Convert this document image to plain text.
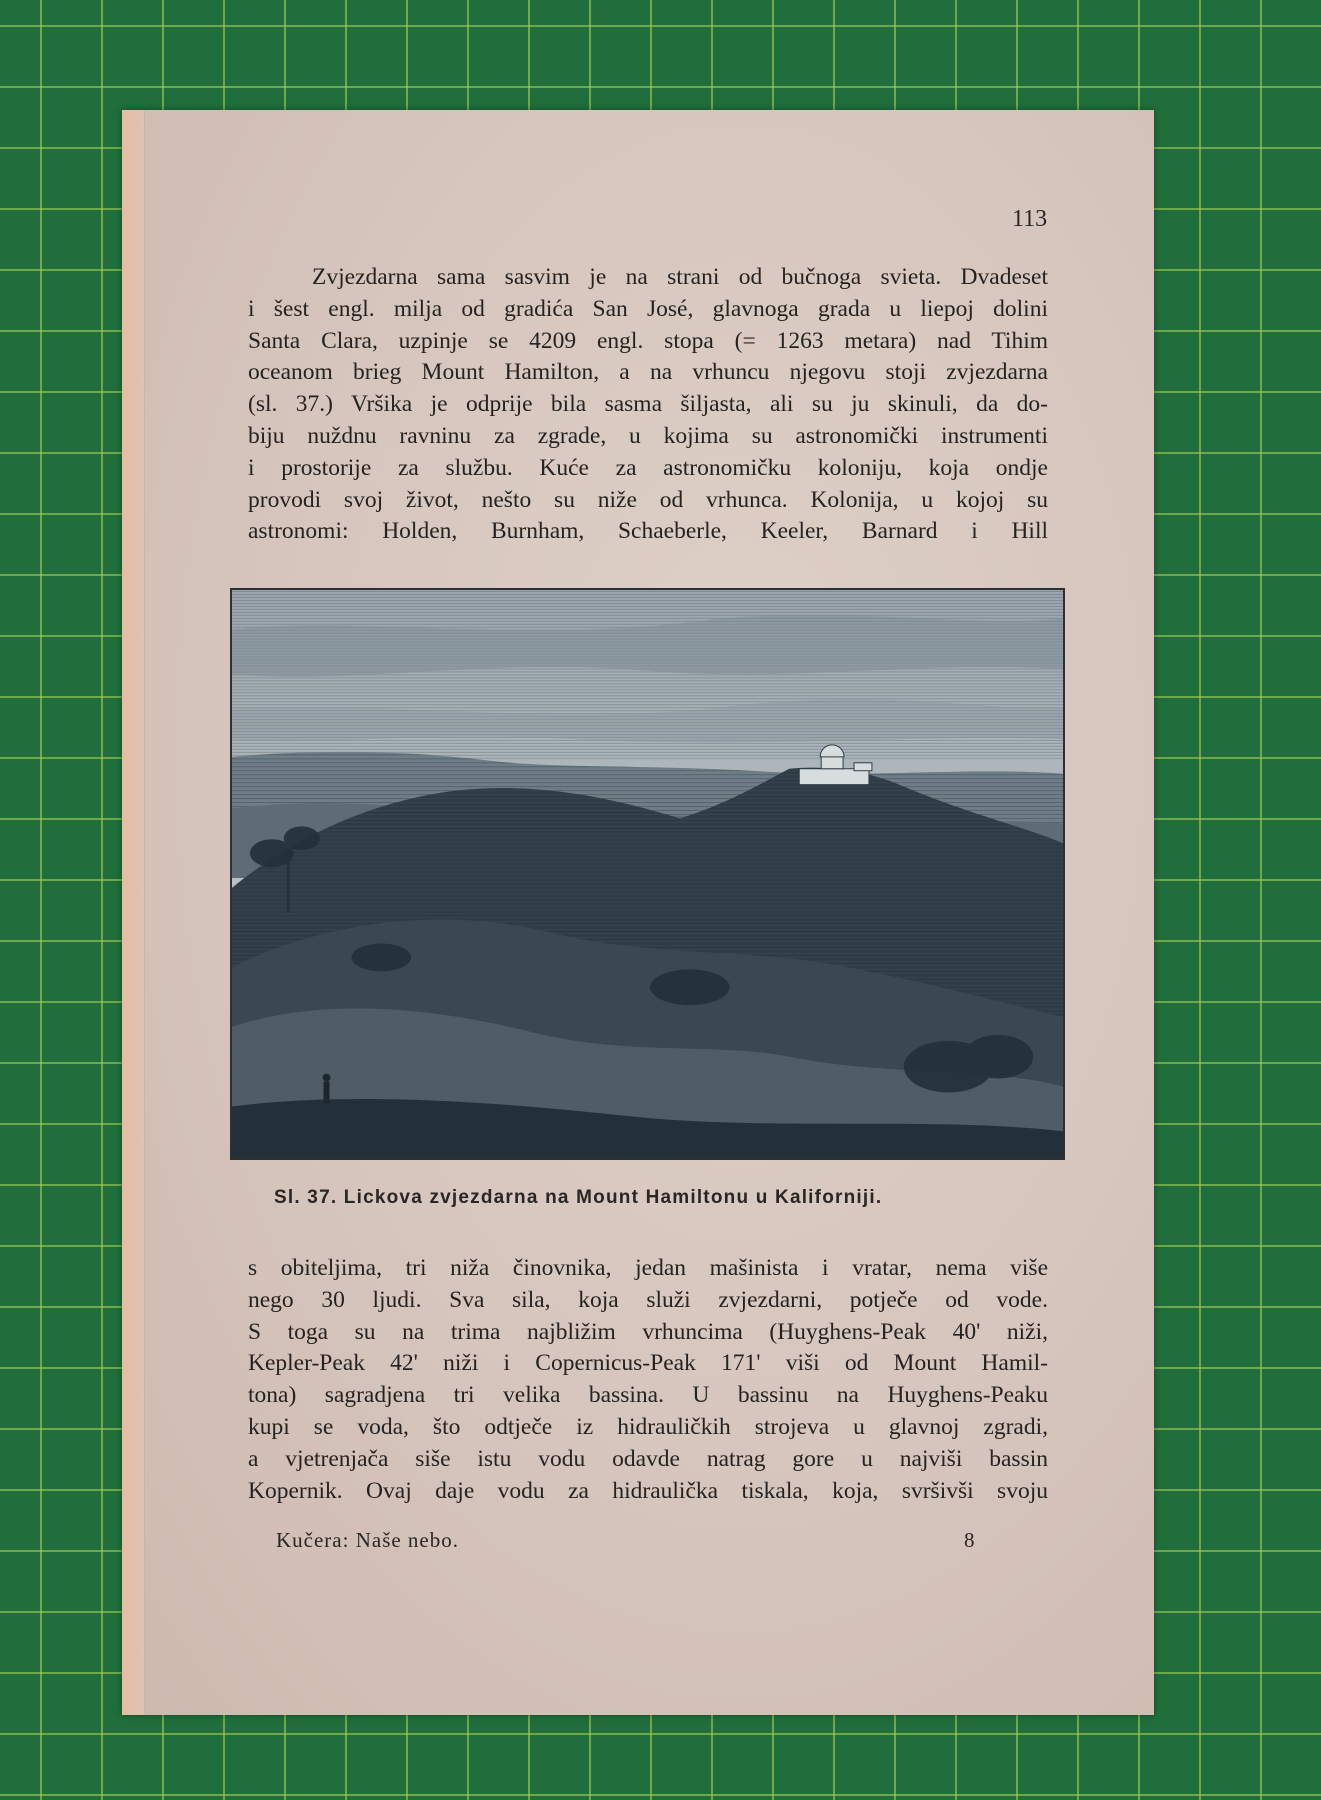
113
Zvjezdarna sama sasvim je na strani od bučnoga svieta. Dvadeset
i šest engl. milja od gradića San José, glavnoga grada u liepoj dolini
Santa Clara, uzpinje se 4209 engl. stopa (= 1263 metara) nad Tihim
oceanom brieg Mount Hamilton, a na vrhuncu njegovu stoji zvjezdarna
(sl. 37.) Vršika je odprije bila sasma šiljasta, ali su ju skinuli, da do-
biju nuždnu ravninu za zgrade, u kojima su astronomički instrumenti
i prostorije za službu. Kuće za astronomičku koloniju, koja ondje
provodi svoj život, nešto su niže od vrhunca. Kolonija, u kojoj su
astronomi: Holden, Burnham, Schaeberle, Keeler, Barnard i Hill
Sl. 37. Lickova zvjezdarna na Mount Hamiltonu u Kaliforniji.
s obiteljima, tri niža činovnika, jedan mašinista i vratar, nema više
nego 30 ljudi. Sva sila, koja služi zvjezdarni, potječe od vode.
S toga su na trima najbližim vrhuncima (Huyghens-Peak 40' niži,
Kepler-Peak 42' niži i Copernicus-Peak 171' viši od Mount Hamil-
tona) sagradjena tri velika bassina. U bassinu na Huyghens-Peaku
kupi se voda, što odtječe iz hidrauličkih strojeva u glavnoj zgradi,
a vjetrenjača siše istu vodu odavde natrag gore u najviši bassin
Kopernik. Ovaj daje vodu za hidraulička tiskala, koja, svršivši svoju
Kučera: Naše nebo.	8
